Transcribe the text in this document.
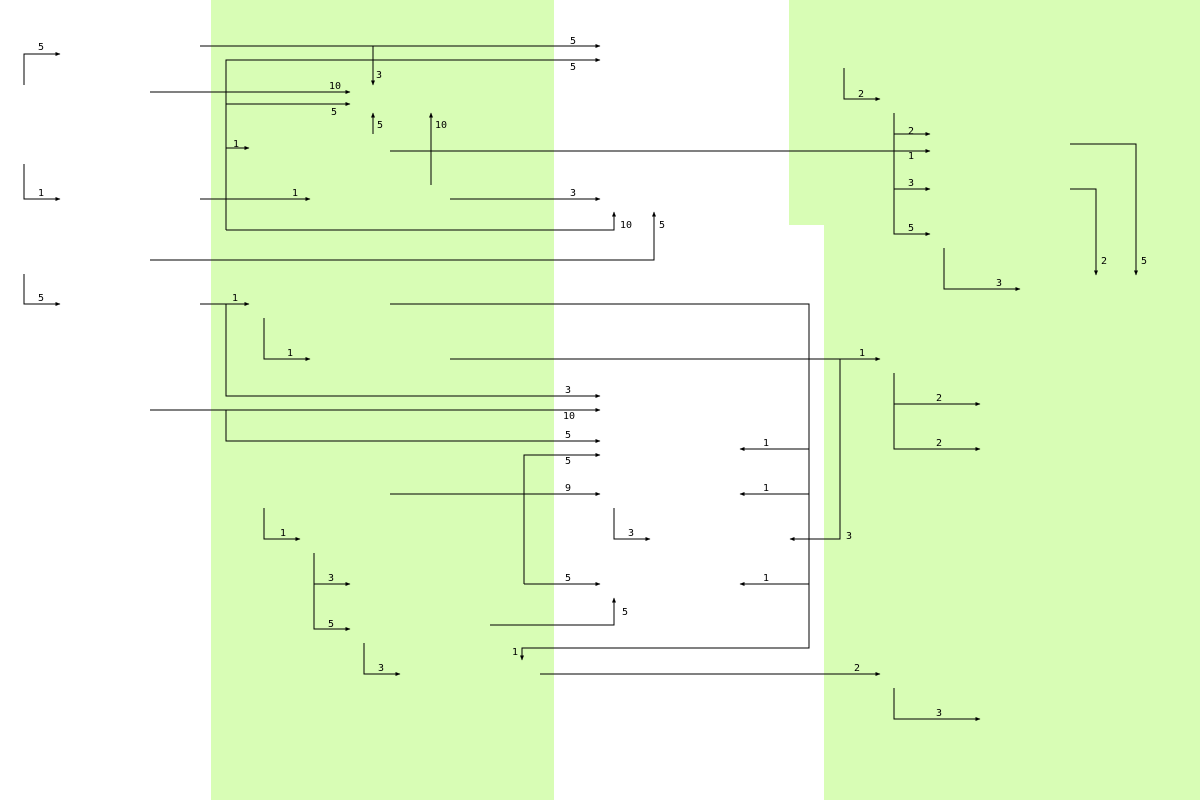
5
5
5
3
10
5
5	10
1
1	1	3
10	5
5	1
1
3
10
5
5
9
1
3
5
3
5
1
1
1
3
5
1
3
2
2
1
3
5
3
2	5
1
2
2
2
3
